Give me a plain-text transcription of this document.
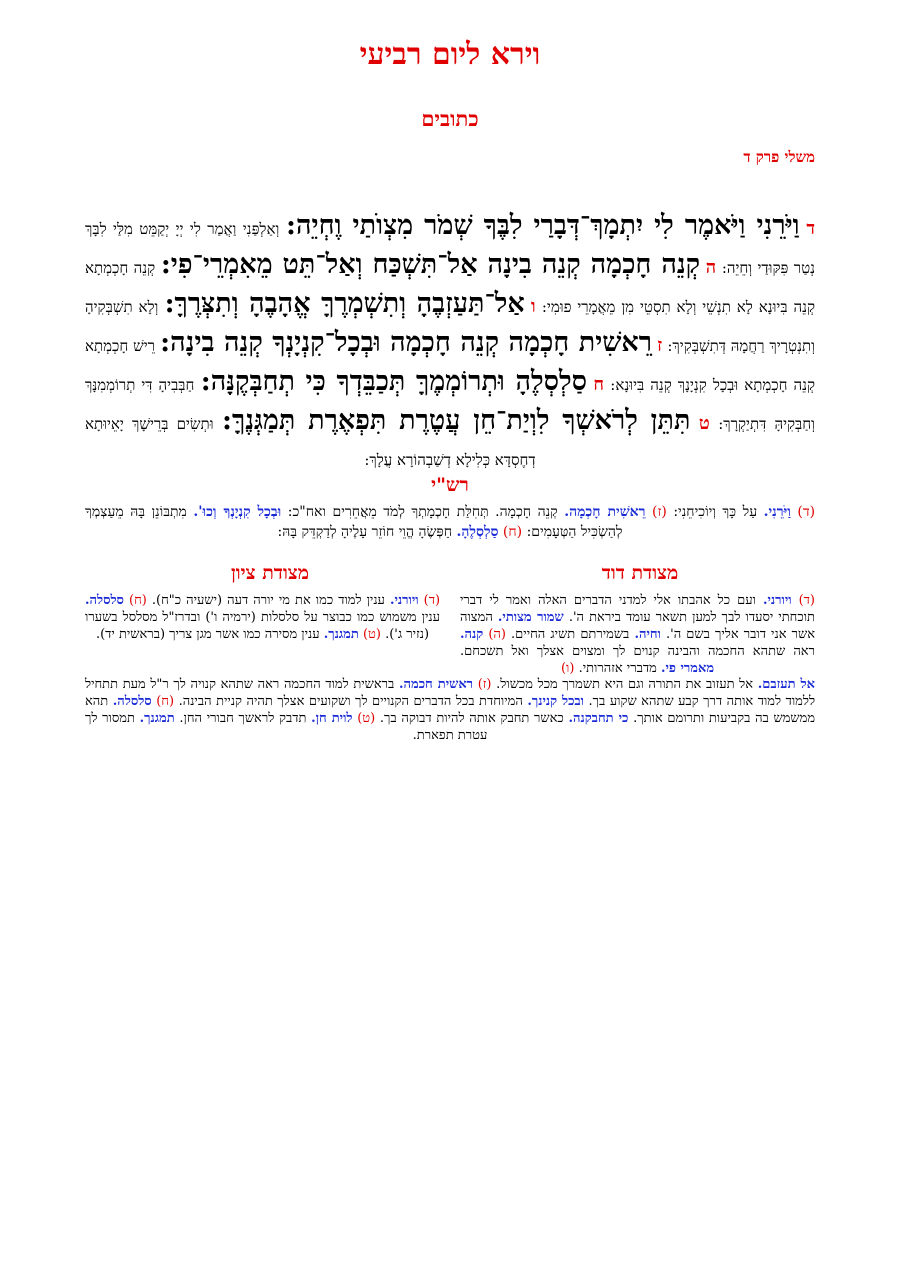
וירא ליום רביעי
כתובים
משלי פרק ד
ד וַיֹּרֵנִי וַיֹּאמֶר לִי יִתְמָךְ־דְּבָרַי לִבֶּךָ שְׁמֹר מִצְוֺתַי וֶחְיֵה: וְאַלְפַּנִי וַאֲמַר לִי יְיָ יְקַמֵּט מִלַּי לִבָּךְ נְטַר פִּקּוּדַי וְחֵיֵה: ה קְנֵה חָכְמָה קְנֵה בִינָה אַל־תִּשְׁכַּח וְאַל־תֵּט מֵאִמְרֵי־פִי: קְנֵה חָכְמְתָא קְנֵה בִּיוּנָא לָא תִנְשֵׁי וְלָא תִסְטֵי מִן מֵאֲמָרֵי פוּמִי: ו אַל־תַּעַזְבֶהָ וְתִשְׁמְרֶךָּ אֱהָבֶהָ וְתִצְּרֶךָּ: וְלָא תִשְׁבְּקִיהָ וְתִנְטְרָיךְ רַחֲמָהּ דְּתִשְׁבְּקִיךְ: ז רֵאשִׁית חָכְמָה קְנֵה חָכְמָה וּבְכָל־קִנְיָנְךָ קְנֵה בִינָה: רֵישׁ חָכְמְתָא קְנֵה חָכְמְתָא וּבְכָל קִנְיָנָךְ קְנֵה בִּיוּנָא: ח סַלְסְלֶהָ וּתְרוֹמְמֶךָּ תְּכַבֵּדְךָ כִּי תְחַבְּקֶנָּה: חַבְּבִיהָ דִּי תְרוֹמְמִנָּךְ וְחַבְּקִיהָּ דִּתְיַקְרָךְ: ט תִּתֵּן לְרֹאשְׁךָ לִוְיַת־חֵן עֲטֶרֶת תִּפְאֶרֶת תְּמַגְּנֶךָּ: וּתְשִׂים בְּרֵישָׁךְ יָאֵיוּתָא דְחֶסְדָּא כְּלִילָא דְשַׁבְהוֹרָא עֲלָךְ:
רש"י
(ד) וַיֹּרֵנִי. עַל כָּךְ וְיוֹכִיחֵנִי: (ז) רֵאשִׁית חָכְמָה. קְנֵה חָכְמָה. תְּחִלַּת חָכְמָתְךָ לְמֹד מֵאֲחֵרִים ואח"כ: וּבְכָל קִנְיָנְךָ וְכוּ'. מִתְבּוֹנֵן בָּהּ מֵעַצְמְךָ לְהַשְׂכִּיל הַטְּעָמִים: (ח) סַלְסְלֶהָ. חַפְּשֶׂהָ הֱוֵי חוֹזֵר עָלֶיהָ לְדַקְדֵּק בָּהּ:
מצודת דוד
מצודת ציון
(ד) ויורני. ועם כל אהבתו אלי למדני הדברים האלה ואמר לי דברי תוכחתי יסעדו לבך למען תשאר עומד ביראת ה'. שמור מצותי. המצוה אשר אני דובר אליך בשם ה'. וחיה. בשמירתם תשיג החיים. (ה) קנה. ראה שתהא החכמה והבינה קנוים לך ומצוים אצלך ואל תשכחם. מאמרי פי. מדברי אזהרותי. (ו)
(ד) ויורני. ענין למוד כמו את מי יורה דעה (ישעיה כ"ח). (ח) סלסלה. ענין משמוש כמו כבוצר על סלסלות (ירמיה ו') ובדרז"ל מסלסל בשערו (נזיר ג'). (ט) תמגנך. ענין מסירה כמו אשר מגן צריך (בראשית יד).
אל תעזבם. אל תעזוב את התורה וגם היא תשמרך מכל מכשול. (ז) ראשית חכמה. בראשית למוד החכמה ראה שתהא קנויה לך ר"ל מעת תתחיל ללמוד למוד אותה דרך קבע שתהא שקוע בך. ובכל קנינך. המיוחדת בכל הדברים הקנויים לך ושקועים אצלך תהיה קניית הבינה. (ח) סלסלה. תהא ממשמש בה בקביעות ותרומם אותך. כי תחבקנה. כאשר תחבק אותה להיות דבוקה בך. (ט) לוית חן. תדבק לראשך חבורי החן. תמגנך. תמסור לך עטרת תפארת.
